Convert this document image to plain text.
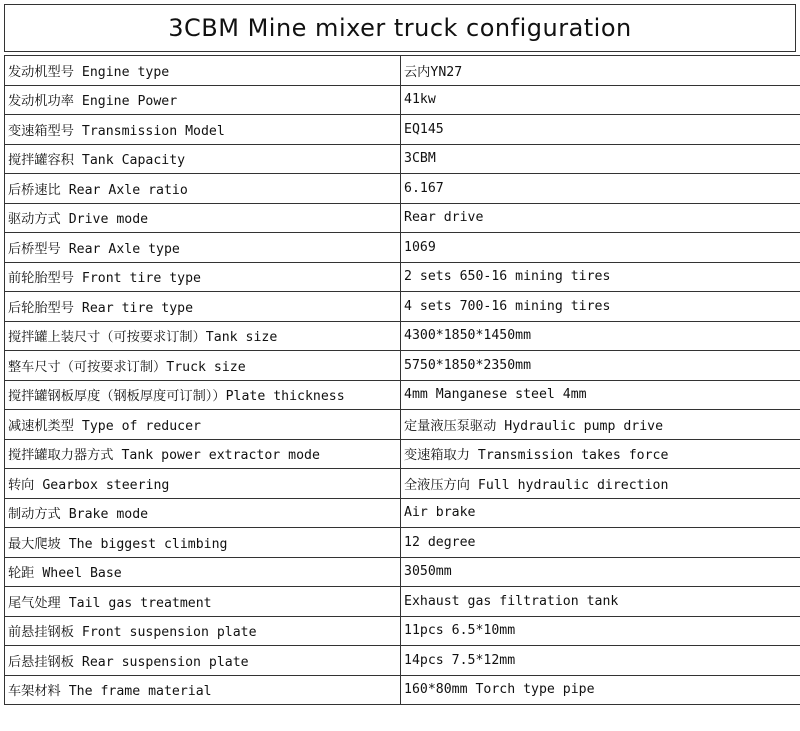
3CBM Mine mixer truck configuration
发动机型号 Engine type	云内YN27
发动机功率 Engine Power	41kw
变速箱型号 Transmission Model	EQ145
搅拌罐容积 Tank Capacity	3CBM
后桥速比 Rear Axle ratio	6.167
驱动方式 Drive mode	Rear drive
后桥型号 Rear Axle type	1069
前轮胎型号 Front tire type	2 sets 650-16 mining tires
后轮胎型号 Rear tire type	4 sets 700-16 mining tires
搅拌罐上装尺寸（可按要求订制）Tank size	4300*1850*1450mm
整车尺寸（可按要求订制）Truck size	5750*1850*2350mm
搅拌罐钢板厚度（钢板厚度可订制））Plate thickness	4mm Manganese steel 4mm
减速机类型 Type of reducer	定量液压泵驱动 Hydraulic pump drive
搅拌罐取力器方式 Tank power extractor mode	变速箱取力 Transmission takes force
转向 Gearbox steering	全液压方向 Full hydraulic direction
制动方式 Brake mode	Air brake
最大爬坡 The biggest climbing	12 degree
轮距 Wheel Base	3050mm
尾气处理 Tail gas treatment	Exhaust gas filtration tank
前悬挂钢板 Front suspension plate	11pcs 6.5*10mm
后悬挂钢板 Rear suspension plate	14pcs 7.5*12mm
车架材料 The frame material	160*80mm Torch type pipe
